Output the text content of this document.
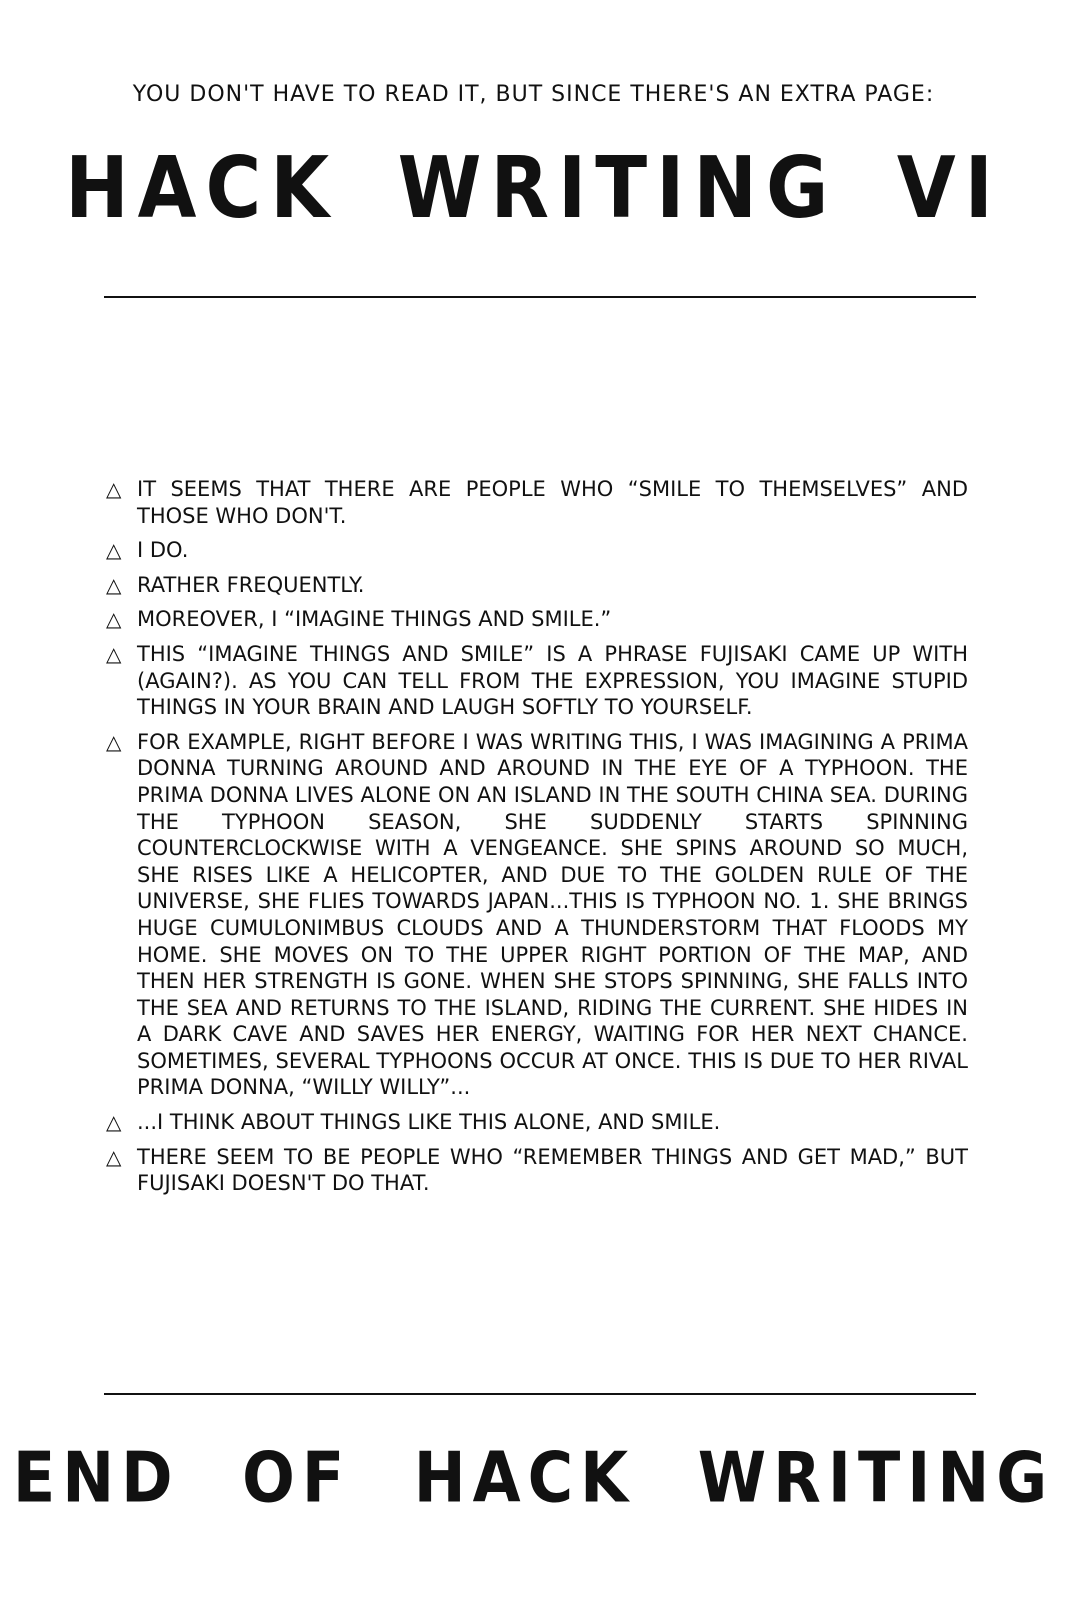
YOU DON'T HAVE TO READ IT, BUT SINCE THERE'S AN EXTRA PAGE:
HACK WRITING VI
△ IT SEEMS THAT THERE ARE PEOPLE WHO “SMILE TO THEMSELVES” AND THOSE WHO DON'T.
△ I DO.
△ RATHER FREQUENTLY.
△ MOREOVER, I “IMAGINE THINGS AND SMILE.”
△ THIS “IMAGINE THINGS AND SMILE” IS A PHRASE FUJISAKI CAME UP WITH (AGAIN?). AS YOU CAN TELL FROM THE EXPRESSION, YOU IMAGINE STUPID THINGS IN YOUR BRAIN AND LAUGH SOFTLY TO YOURSELF.
△ FOR EXAMPLE, RIGHT BEFORE I WAS WRITING THIS, I WAS IMAGINING A PRIMA DONNA TURNING AROUND AND AROUND IN THE EYE OF A TYPHOON. THE PRIMA DONNA LIVES ALONE ON AN ISLAND IN THE SOUTH CHINA SEA. DURING THE TYPHOON SEASON, SHE SUDDENLY STARTS SPINNING COUNTERCLOCKWISE WITH A VENGEANCE. SHE SPINS AROUND SO MUCH, SHE RISES LIKE A HELICOPTER, AND DUE TO THE GOLDEN RULE OF THE UNIVERSE, SHE FLIES TOWARDS JAPAN...THIS IS TYPHOON NO. 1. SHE BRINGS HUGE CUMULONIMBUS CLOUDS AND A THUNDERSTORM THAT FLOODS MY HOME. SHE MOVES ON TO THE UPPER RIGHT PORTION OF THE MAP, AND THEN HER STRENGTH IS GONE. WHEN SHE STOPS SPINNING, SHE FALLS INTO THE SEA AND RETURNS TO THE ISLAND, RIDING THE CURRENT. SHE HIDES IN A DARK CAVE AND SAVES HER ENERGY, WAITING FOR HER NEXT CHANCE. SOMETIMES, SEVERAL TYPHOONS OCCUR AT ONCE. THIS IS DUE TO HER RIVAL PRIMA DONNA, “WILLY WILLY”...
△ ...I THINK ABOUT THINGS LIKE THIS ALONE, AND SMILE.
△ THERE SEEM TO BE PEOPLE WHO “REMEMBER THINGS AND GET MAD,” BUT FUJISAKI DOESN'T DO THAT.
END OF HACK WRITING
